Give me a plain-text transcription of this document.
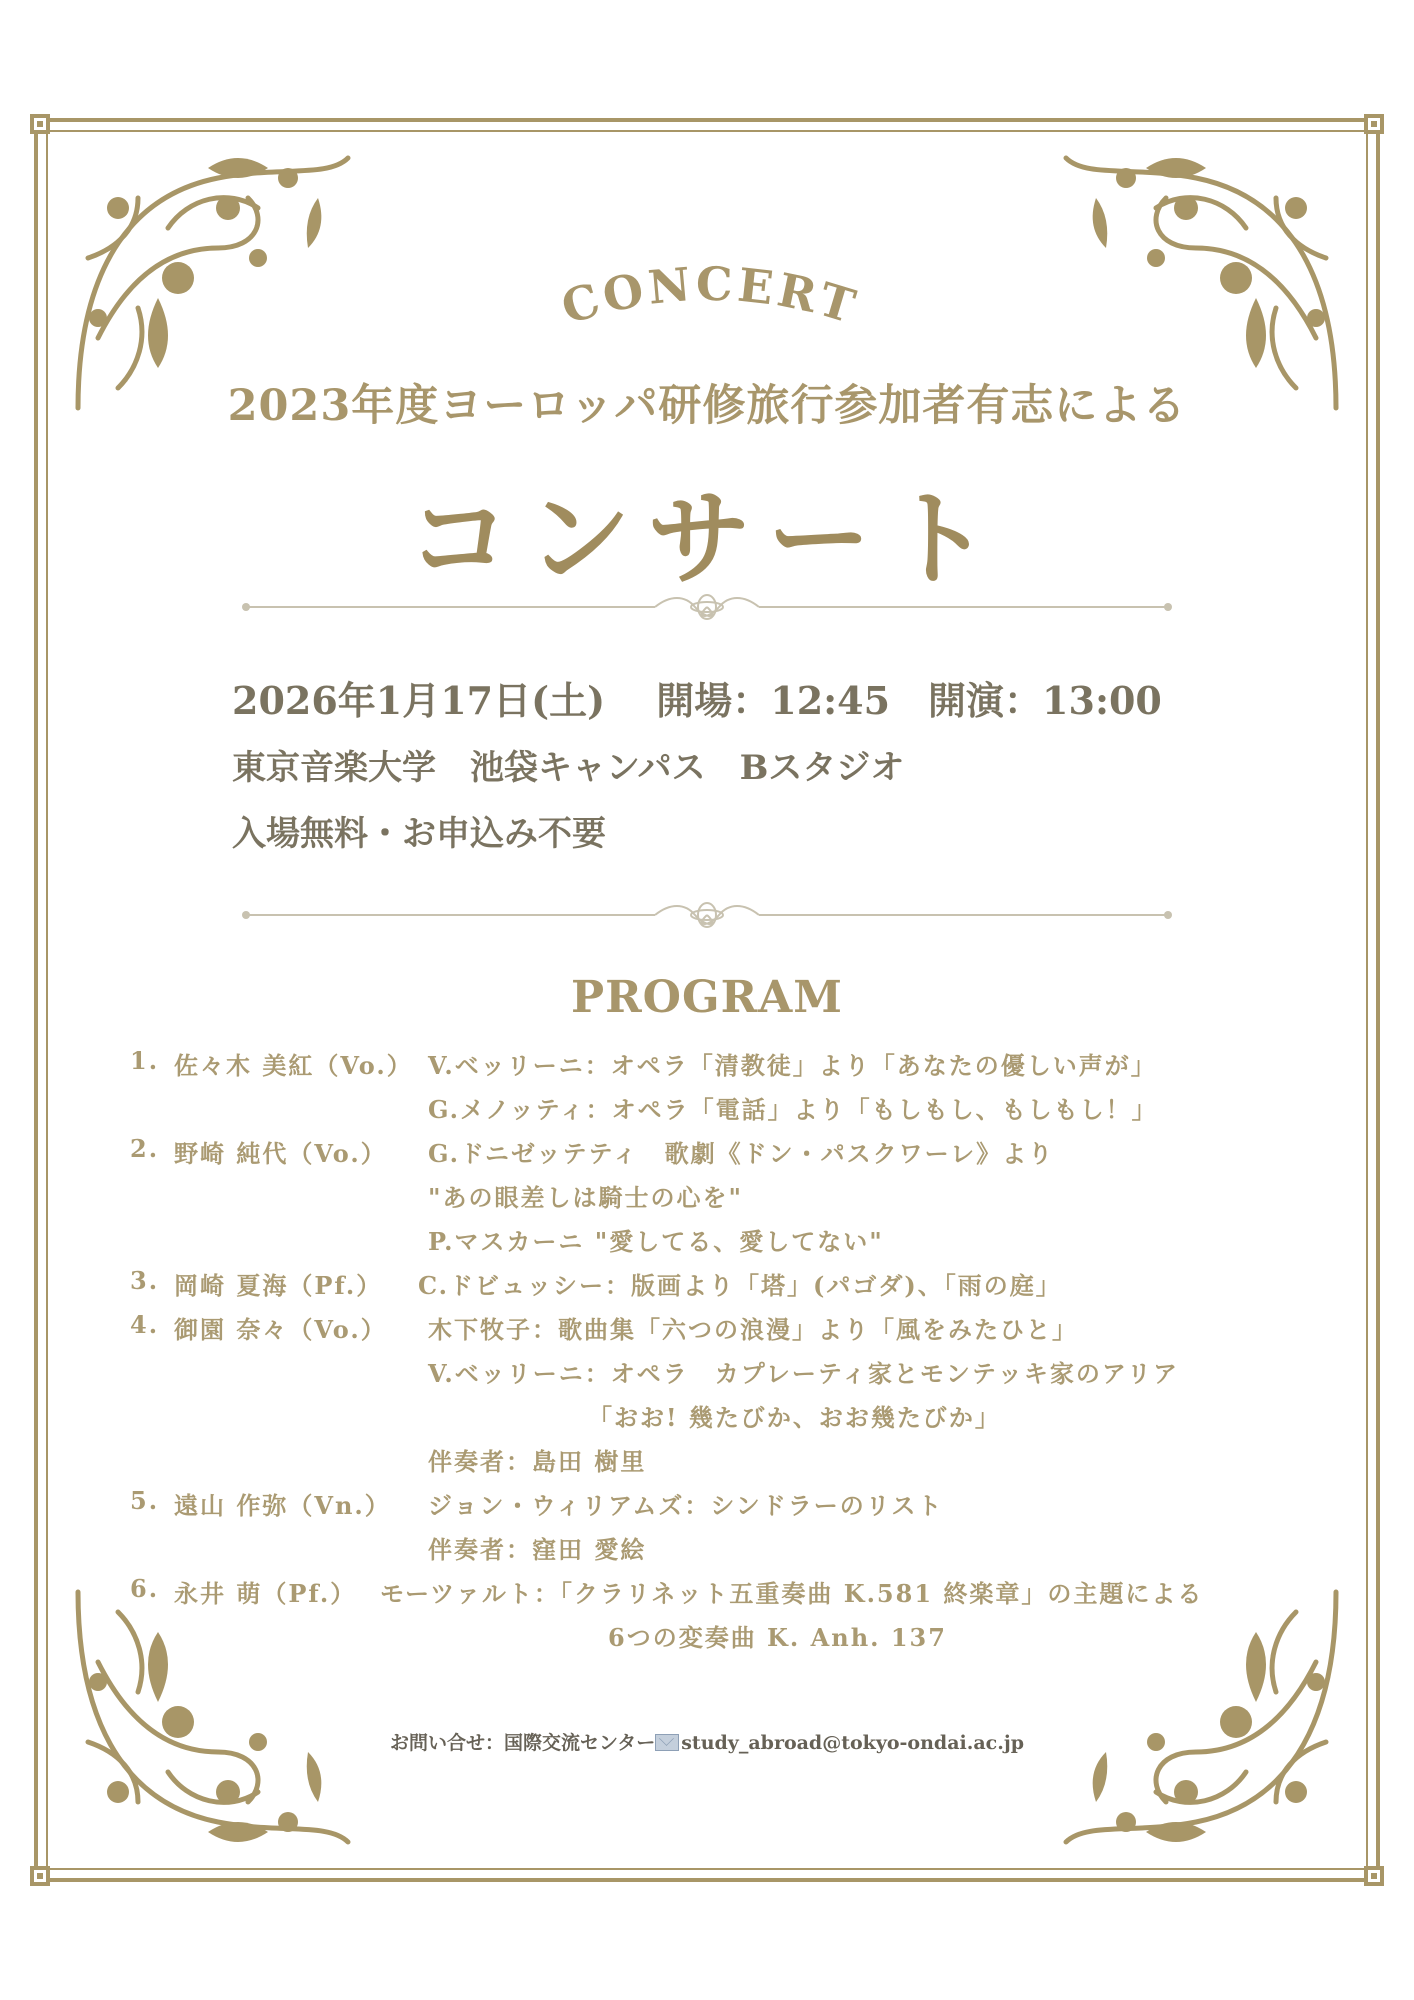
CONCERT
2023年度ヨーロッパ研修旅行参加者有志による
コンサート
2026年1月17日(土)　 開場：12:45　開演：13:00
東京音楽大学　池袋キャンパス　Bスタジオ
入場無料・お申込み不要
PROGRAM
1. 佐々木 美紅（Vo.） V.ベッリーニ：オペラ「清教徒」より「あなたの優しい声が」
G.メノッティ：オペラ「電話」より「もしもし、もしもし！」
2. 野崎 純代（Vo.） G.ドニゼッテティ　歌劇《ドン・パスクワーレ》より
"あの眼差しは騎士の心を"
P.マスカーニ "愛してる、愛してない"
3. 岡崎 夏海（Pf.） C.ドビュッシー：版画より「塔」(パゴダ)、「雨の庭」
4. 御園 奈々（Vo.） 木下牧子：歌曲集「六つの浪漫」より「風をみたひと」
V.ベッリーニ：オペラ　カプレーティ家とモンテッキ家のアリア
「おお! 幾たびか、おお幾たびか」
伴奏者：島田 樹里
5. 遠山 作弥（Vn.） ジョン・ウィリアムズ：シンドラーのリスト
伴奏者：窪田 愛絵
6. 永井 萌（Pf.） モーツァルト：「クラリネット五重奏曲 K.581 終楽章」の主題による
6つの変奏曲 K. Anh. 137
お問い合せ：国際交流センター study_abroad@tokyo-ondai.ac.jp
